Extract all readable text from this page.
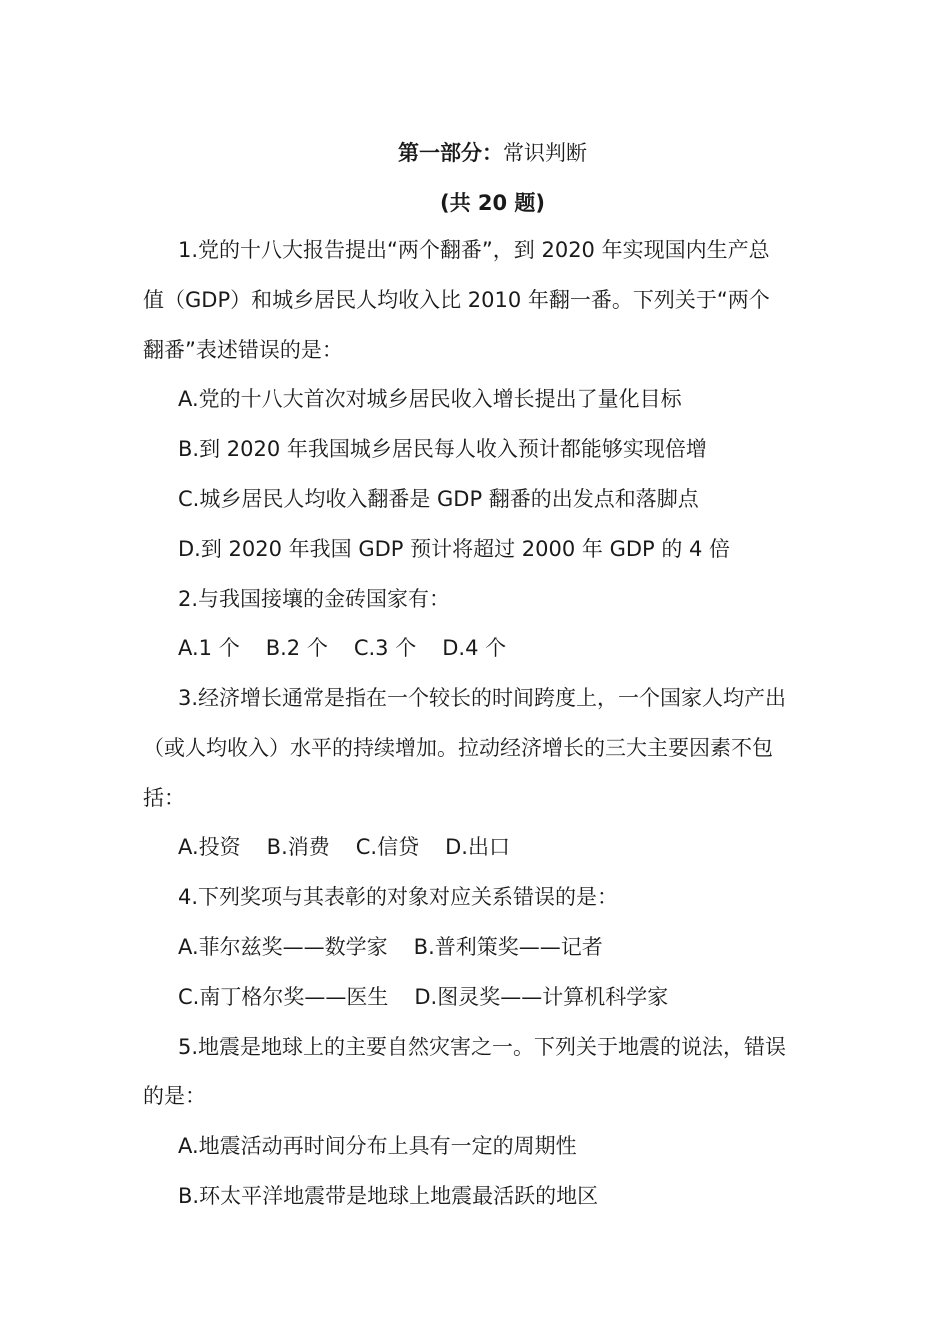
第一部分：常识判断
(共 20 题)
1.党的十八大报告提出“两个翻番”，到 2020 年实现国内生产总
值（GDP）和城乡居民人均收入比 2010 年翻一番。下列关于“两个
翻番”表述错误的是：
A.党的十八大首次对城乡居民收入增长提出了量化目标
B.到 2020 年我国城乡居民每人收入预计都能够实现倍增
C.城乡居民人均收入翻番是 GDP 翻番的出发点和落脚点
D.到 2020 年我国 GDP 预计将超过 2000 年 GDP 的 4 倍
2.与我国接壤的金砖国家有：
A.1 个 B.2 个 C.3 个 D.4 个
3.经济增长通常是指在一个较长的时间跨度上，一个国家人均产出
（或人均收入）水平的持续增加。拉动经济增长的三大主要因素不包
括：
A.投资 B.消费 C.信贷 D.出口
4.下列奖项与其表彰的对象对应关系错误的是：
A.菲尔兹奖——数学家 B.普利策奖——记者
C.南丁格尔奖——医生 D.图灵奖——计算机科学家
5.地震是地球上的主要自然灾害之一。下列关于地震的说法，错误
的是：
A.地震活动再时间分布上具有一定的周期性
B.环太平洋地震带是地球上地震最活跃的地区
